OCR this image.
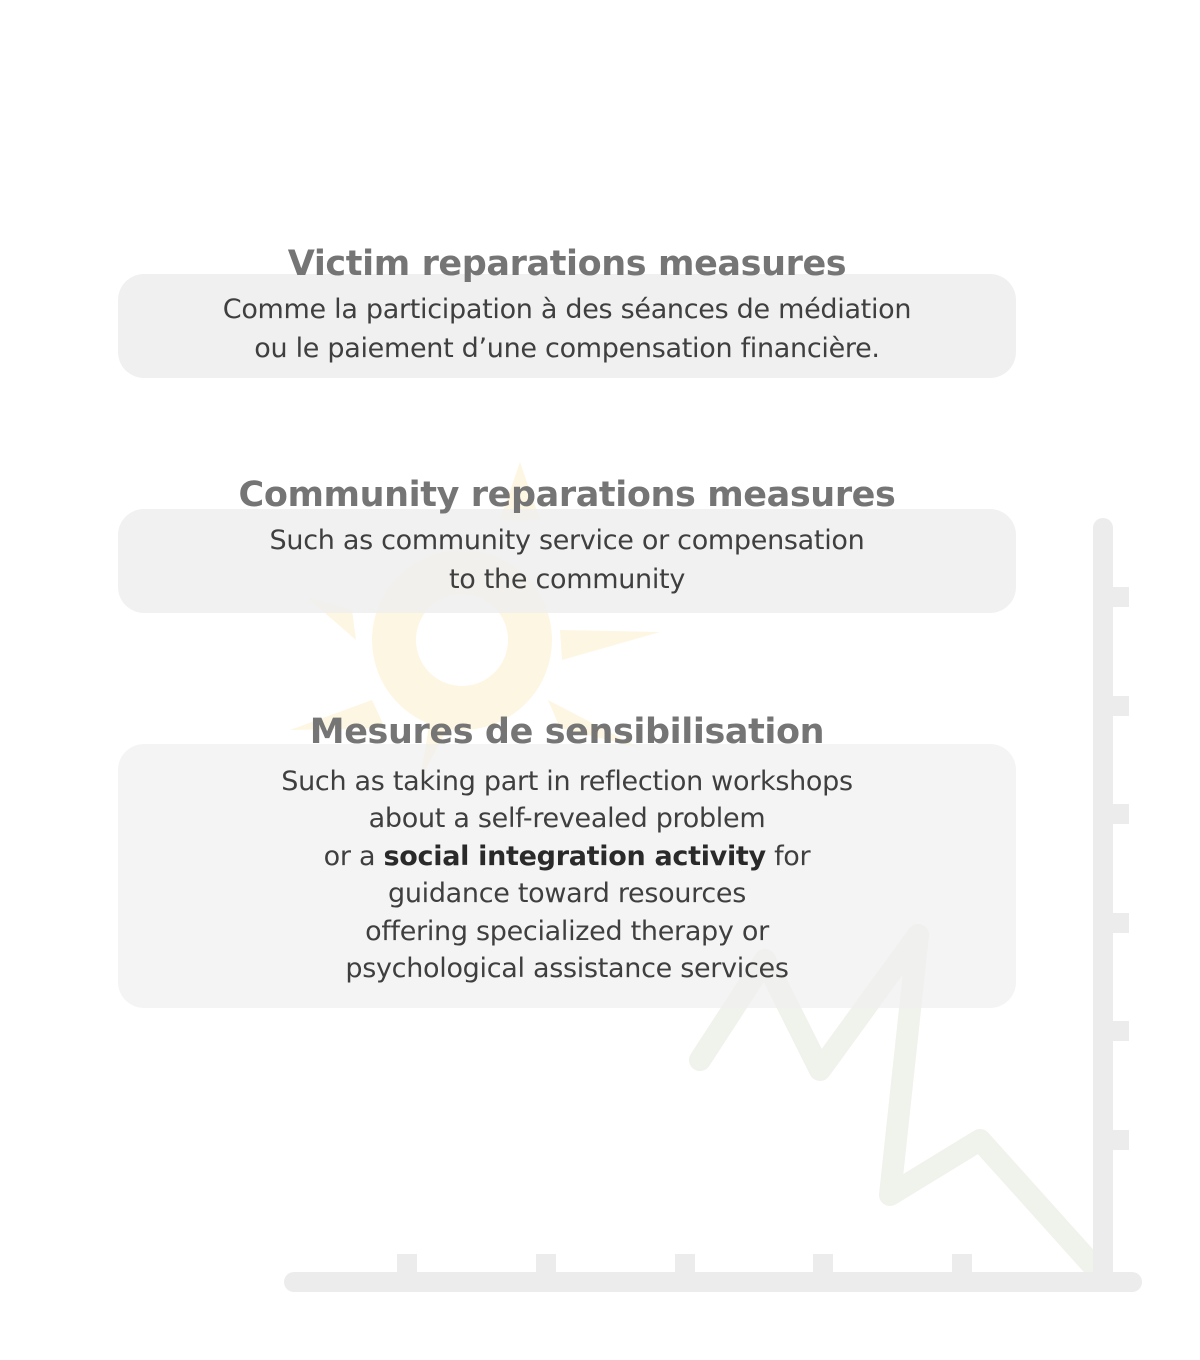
Victim reparations measures
Comme la participation à des séances de médiation
ou le paiement d’une compensation financière.
Community reparations measures
Such as community service or compensation
to the community
Mesures de sensibilisation
Such as taking part in reflection workshops
about a self-revealed problem
or a social integration activity for
guidance toward resources
offering specialized therapy or
psychological assistance services
